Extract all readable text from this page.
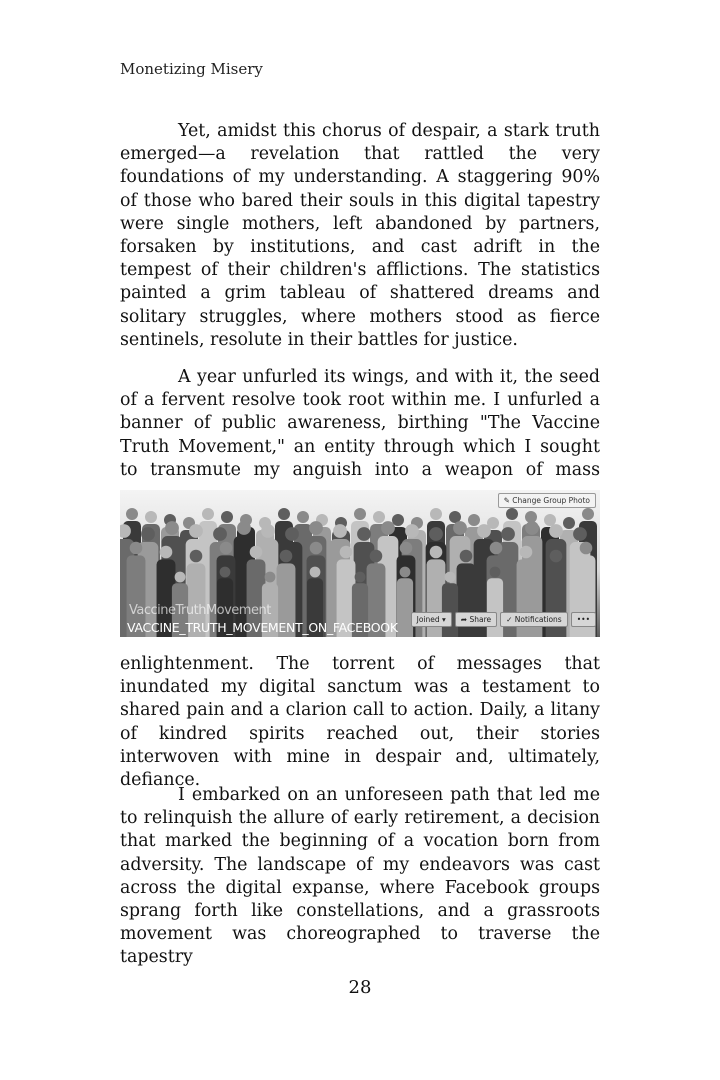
Monetizing Misery

Yet, amidst this chorus of despair, a stark truth emerged—a revelation that rattled the very foundations of my understanding. A staggering 90% of those who bared their souls in this digital tapestry were single mothers, left abandoned by partners, forsaken by institutions, and cast adrift in the tempest of their children's afflictions. The statistics painted a grim tableau of shattered dreams and solitary struggles, where mothers stood as fierce sentinels, resolute in their battles for justice.

A year unfurled its wings, and with it, the seed of a fervent resolve took root within me. I unfurled a banner of public awareness, birthing "The Vaccine Truth Movement," an entity through which I sought to transmute my anguish into a weapon of mass

✎ Change Group Photo
VaccineTruthMovement
VACCINE_TRUTH_MOVEMENT_ON_FACEBOOK
Joined ▾	➦ Share	✓ Notifications	•••

enlightenment. The torrent of messages that inundated my digital sanctum was a testament to shared pain and a clarion call to action. Daily, a litany of kindred spirits reached out, their stories interwoven with mine in despair and, ultimately, defiance.

I embarked on an unforeseen path that led me to relinquish the allure of early retirement, a decision that marked the beginning of a vocation born from adversity. The landscape of my endeavors was cast across the digital expanse, where Facebook groups sprang forth like constellations, and a grassroots movement was choreographed to traverse the tapestry

28
